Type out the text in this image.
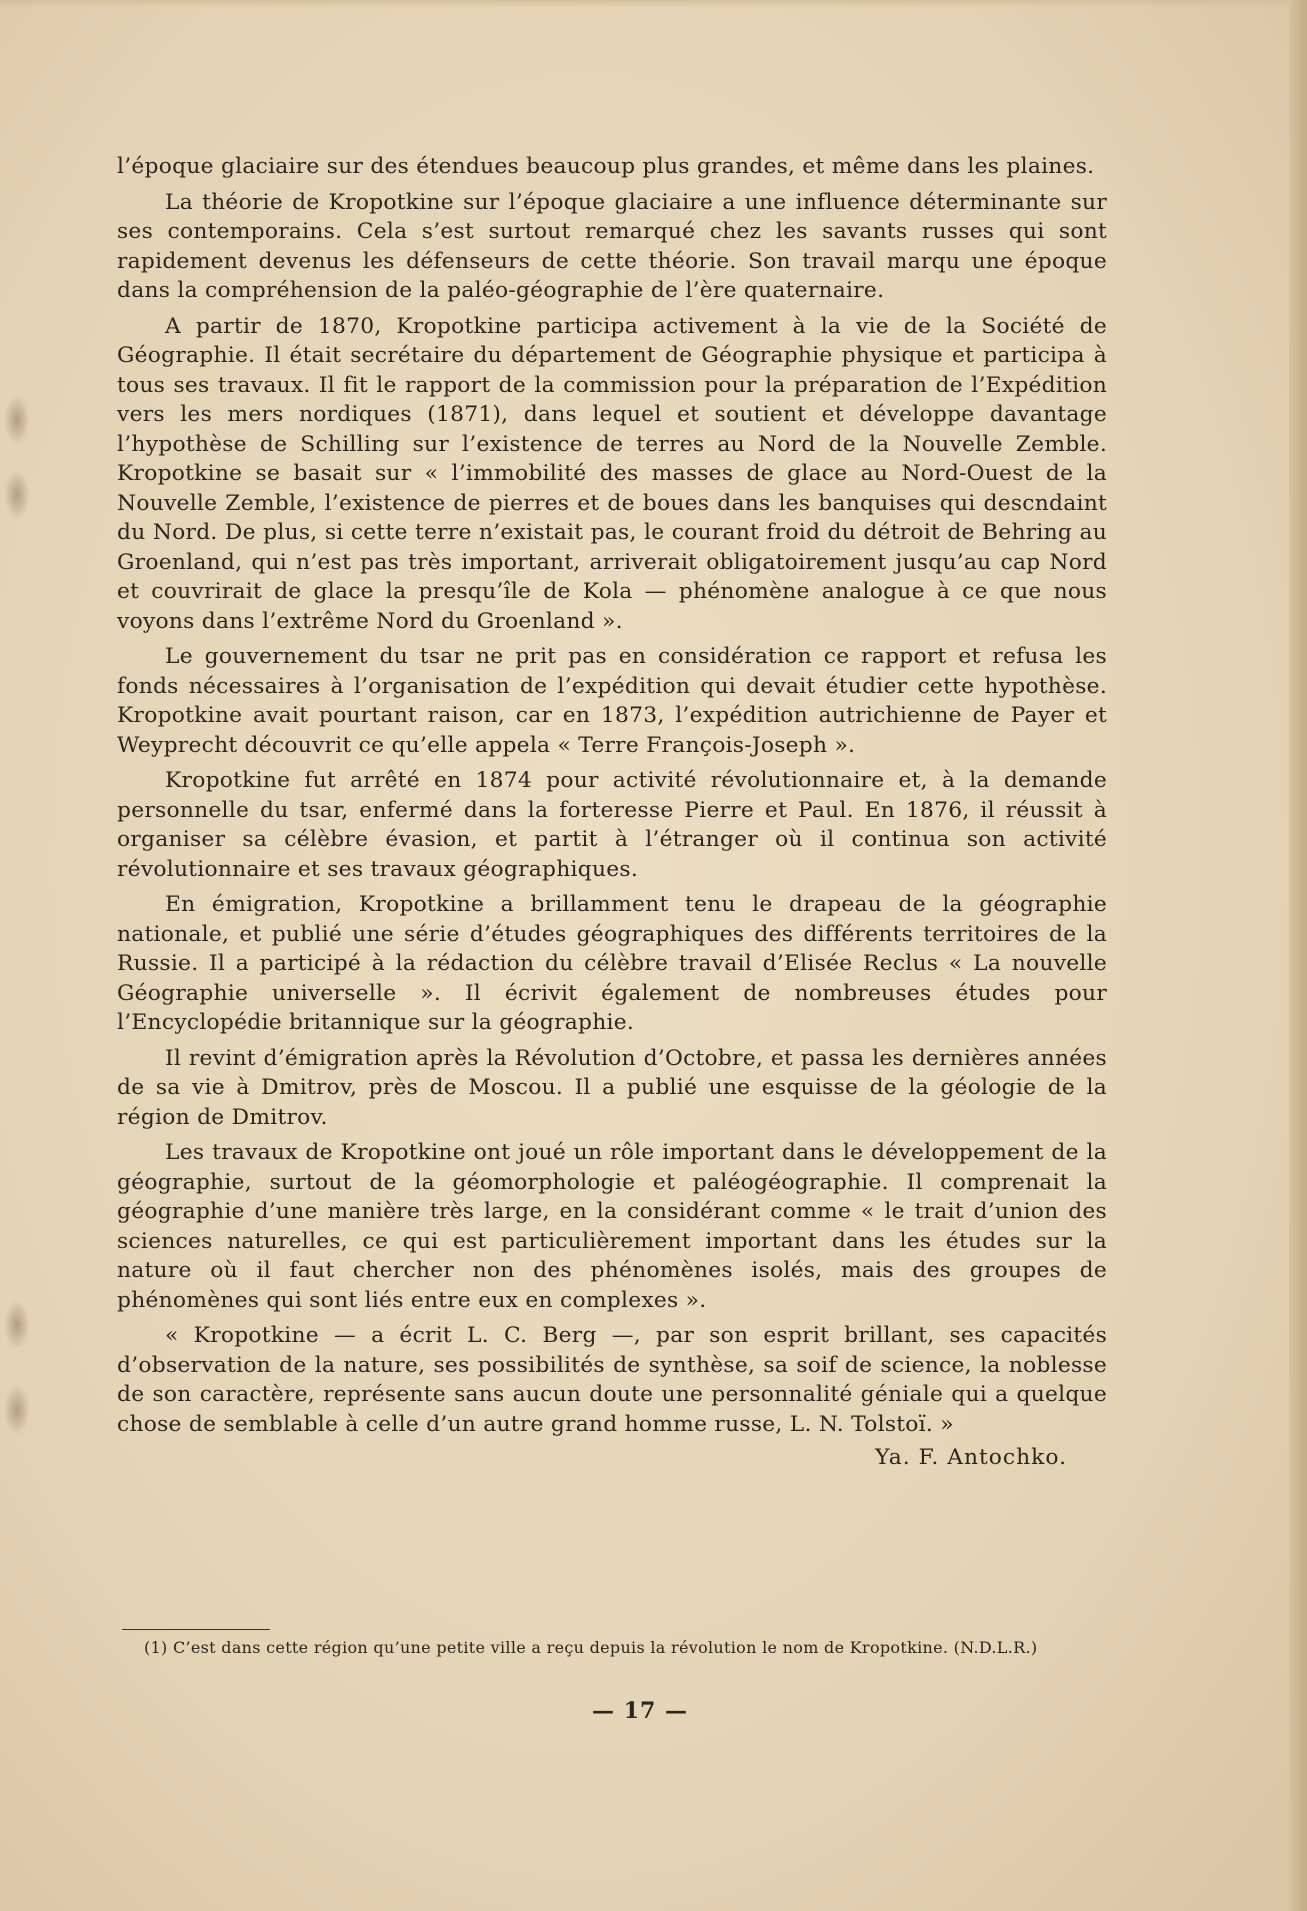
l’époque glaciaire sur des étendues beaucoup plus grandes, et même dans les plaines.

La théorie de Kropotkine sur l’époque glaciaire a une influence déterminante sur ses contemporains. Cela s’est surtout remarqué chez les savants russes qui sont rapidement devenus les défenseurs de cette théorie. Son travail marqu une époque dans la compréhension de la paléo-géographie de l’ère quaternaire.

A partir de 1870, Kropotkine participa activement à la vie de la Société de Géographie. Il était secrétaire du département de Géographie physique et participa à tous ses travaux. Il fit le rapport de la commission pour la préparation de l’Expédition vers les mers nordiques (1871), dans lequel et soutient et développe davantage l’hypothèse de Schilling sur l’existence de terres au Nord de la Nouvelle Zemble. Kropotkine se basait sur « l’immobilité des masses de glace au Nord-Ouest de la Nouvelle Zemble, l’existence de pierres et de boues dans les banquises qui descndaint du Nord. De plus, si cette terre n’existait pas, le courant froid du détroit de Behring au Groenland, qui n’est pas très important, arriverait obligatoirement jusqu’au cap Nord et couvrirait de glace la presqu’île de Kola — phénomène analogue à ce que nous voyons dans l’extrême Nord du Groenland ».

Le gouvernement du tsar ne prit pas en considération ce rapport et refusa les fonds nécessaires à l’organisation de l’expédition qui devait étudier cette hypothèse. Kropotkine avait pourtant raison, car en 1873, l’expédition autrichienne de Payer et Weyprecht découvrit ce qu’elle appela « Terre François-Joseph ».

Kropotkine fut arrêté en 1874 pour activité révolutionnaire et, à la demande personnelle du tsar, enfermé dans la forteresse Pierre et Paul. En 1876, il réussit à organiser sa célèbre évasion, et partit à l’étranger où il continua son activité révolutionnaire et ses travaux géographiques.

En émigration, Kropotkine a brillamment tenu le drapeau de la géographie nationale, et publié une série d’études géographiques des différents territoires de la Russie. Il a participé à la rédaction du célèbre travail d’Elisée Reclus « La nouvelle Géographie universelle ». Il écrivit également de nombreuses études pour l’Encyclopédie britannique sur la géographie.

Il revint d’émigration après la Révolution d’Octobre, et passa les dernières années de sa vie à Dmitrov, près de Moscou. Il a publié une esquisse de la géologie de la région de Dmitrov.

Les travaux de Kropotkine ont joué un rôle important dans le développement de la géographie, surtout de la géomorphologie et paléogéographie. Il comprenait la géographie d’une manière très large, en la considérant comme « le trait d’union des sciences naturelles, ce qui est particulièrement important dans les études sur la nature où il faut chercher non des phénomènes isolés, mais des groupes de phénomènes qui sont liés entre eux en complexes ».

« Kropotkine — a écrit L. C. Berg —, par son esprit brillant, ses capacités d’observation de la nature, ses possibilités de synthèse, sa soif de science, la noblesse de son caractère, représente sans aucun doute une personnalité géniale qui a quelque chose de semblable à celle d’un autre grand homme russe, L. N. Tolstoï. »

Ya. F. Antochko.
(1) C’est dans cette région qu’une petite ville a reçu depuis la révolution le nom de Kropotkine. (N.D.L.R.)
— 17 —
